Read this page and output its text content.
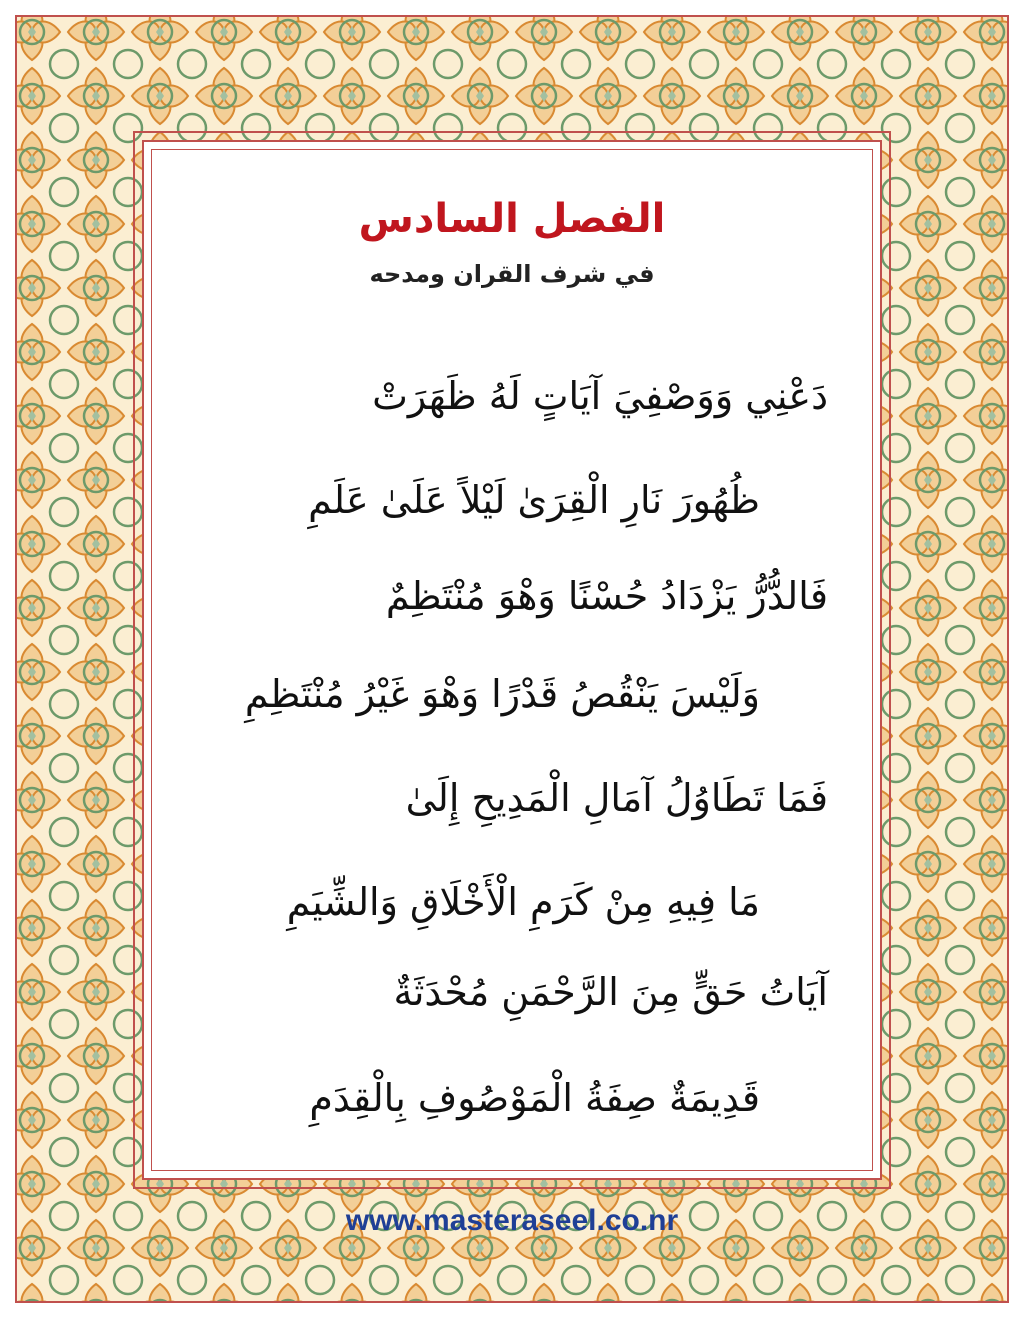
الفصل السادس
في شرف القران ومدحه
دَعْنِي وَوَصْفِيَ آيَاتٍ لَهُ ظَهَرَتْ
ظُهُورَ نَارِ الْقِرَىٰ لَيْلاً عَلَىٰ عَلَمِ
فَالدُّرُّ يَزْدَادُ حُسْنًا وَهْوَ مُنْتَظِمٌ
وَلَيْسَ يَنْقُصُ قَدْرًا وَهْوَ غَيْرُ مُنْتَظِمِ
فَمَا تَطَاوُلُ آمَالِ الْمَدِيحِ إِلَىٰ
مَا فِيهِ مِنْ كَرَمِ الْأَخْلَاقِ وَالشِّيَمِ
آيَاتُ حَقٍّ مِنَ الرَّحْمَنِ مُحْدَثَةٌ
قَدِيمَةٌ صِفَةُ الْمَوْصُوفِ بِالْقِدَمِ
www.masteraseel.co.nr
